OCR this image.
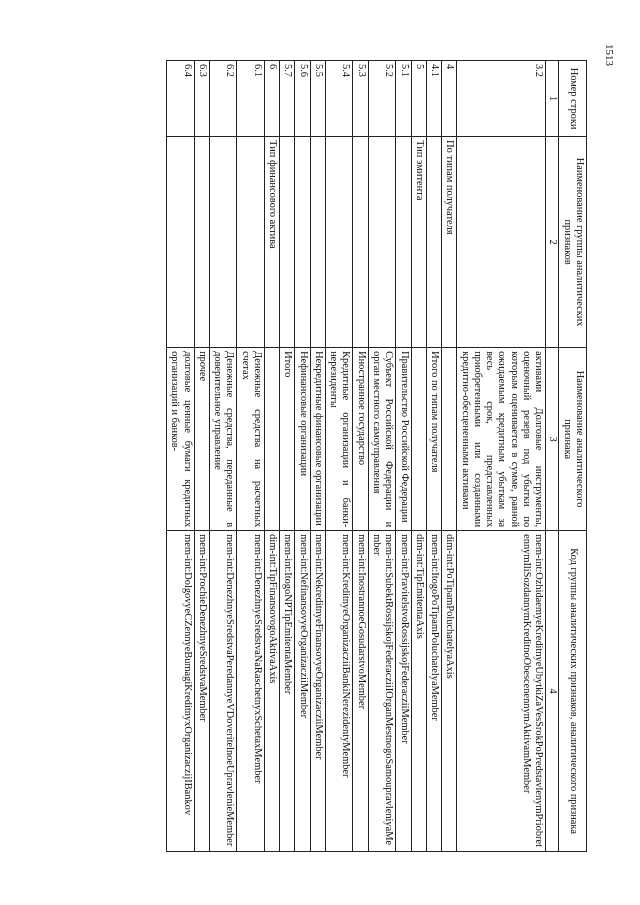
1513
Номер строки	Наименование группы аналитических признаков	Наименование аналитического признака	Код группы аналитических признаков, аналитического признака
1	2	3	4
3.2		активами Долговые инструменты, оценочный резерв под убытки по которым оценивается в сумме, равной ожидаемым кредитным убыткам за весь срок, представленных приобретенными или созданными кредитно-обесцененными активами	mem-int:OzhidaemyeKreditnyeUbytkiZaVesSrokPoPredstavlenymPriobretennymIliSozdannymKreditnoObescenennymAktivamMember
4	По типам получателя		dim-int:PoTipamPoluchatelyaAxis
4.1		Итого по типам получателя	mem-int:ItogoPoTipamPoluchatelyaMember
5	Тип эмитента		dim-int:TipEmitentaAxis
5.1		Правительство Российской Федерации	mem-int:PravitelstvoRossijskojFederacziiMember
5.2		Субъект Российской Федерации и орган местного самоуправления	mem-int:SubektRossijskojFederacziiIOrganMestnogoSamoupravleniyaMember
5.3		Иностранное государство	mem-int:InostrannoeGosudarstvoMember
5.4		Кредитные организации и банки-нерезиденты	mem-int:KreditnyeOrganizacziiBankiNerezidentyMember
5.5		Некредитные финансовые организации	mem-int:NekreditnyeFinansovyeOrganizacziiMember
5.6		Нефинансовые организации	mem-int:NefinansovyeOrganizacziiMember
5.7		Итого	mem-int:ItogoNPTipEmitentaMember
6	Тип финансового актива		dim-int:TipFinansovogoAktivaAxis
6.1		Денежные средства на расчетных счетах	mem-int:DenezhnyeSredstvaNaRaschetnyxSchetaxMember
6.2		Денежные средства, переданные в доверительное управление	mem-int:DenezhnyeSredstvaPeredannyeVDoveritelnoeUpravlenieMember
6.3		прочее	mem-int:ProchieDenezhnyeSredstvaMember
6.4		долговые ценные бумаги кредитных организаций и банков-	mem-int:DolgovyeCZennyeBumagiKreditnyxOrganizaczijIBankov
